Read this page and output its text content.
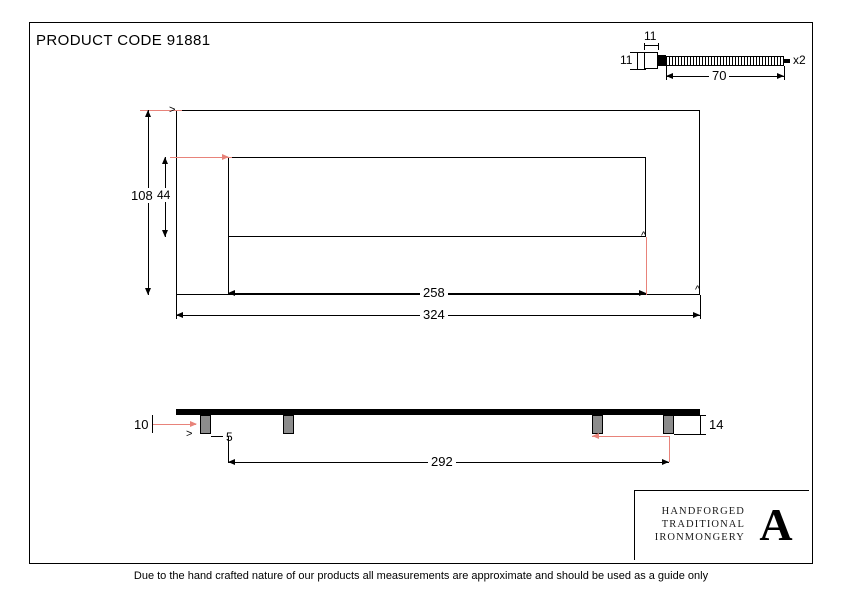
PRODUCT CODE 91881	11
11
70
x2
>
108 44
^
258	^
324
>
10
5
14
292
HANDFORGED
TRADITIONAL
IRONMONGERY A
Due to the hand crafted nature of our products all measurements are approximate and should be used as a guide only
